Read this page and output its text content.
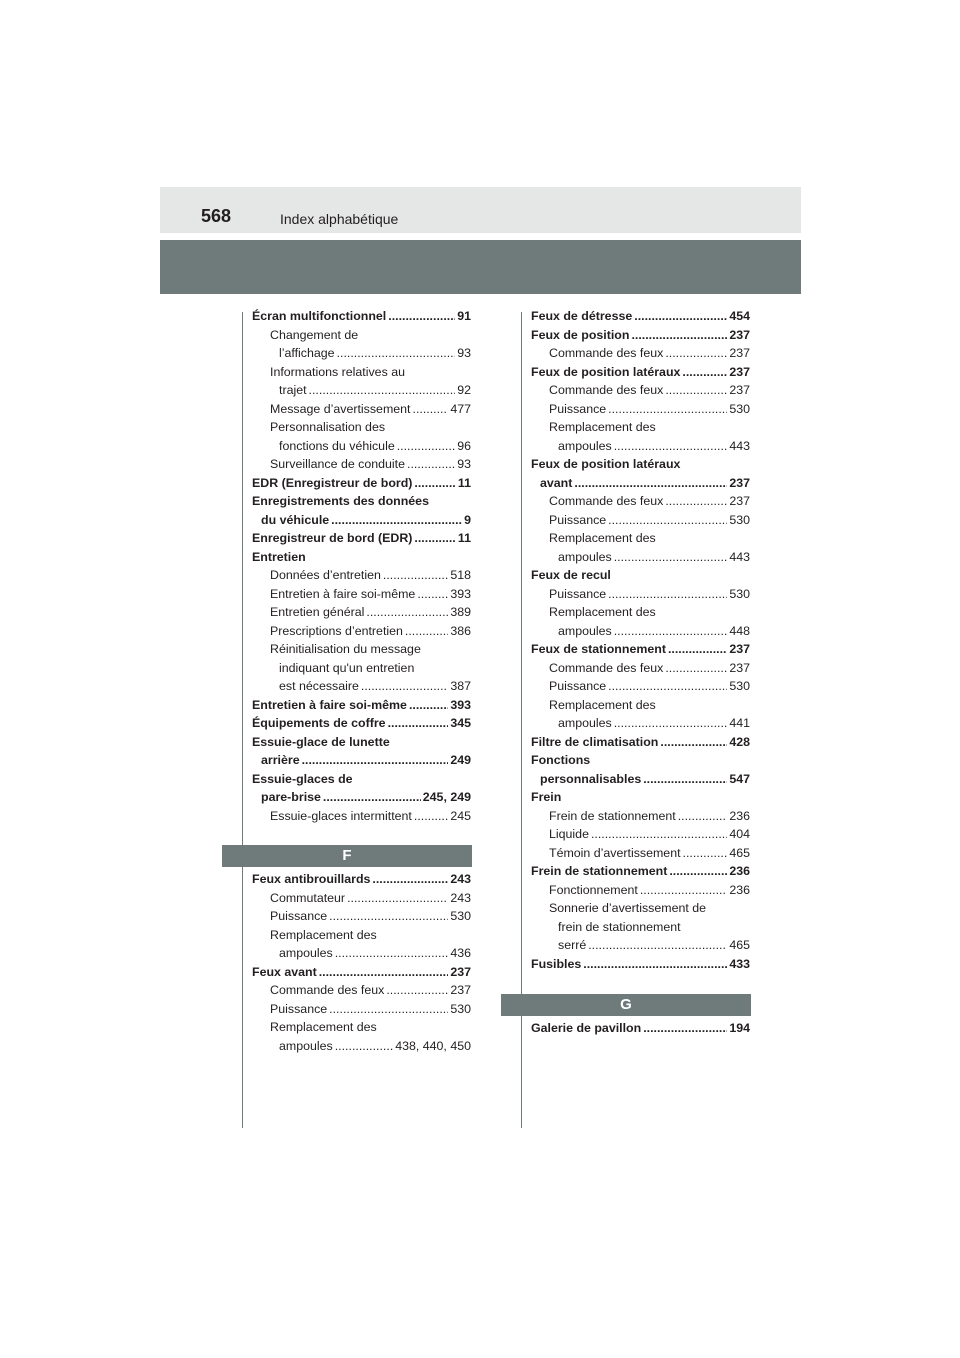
568	Index alphabétique
Écran multifonctionnel .....	91
Changement de
l’affichage .....	93
Informations relatives au
trajet .....	92
Message d’avertissement .....	477
Personnalisation des
fonctions du véhicule .....	96
Surveillance de conduite .....	93
EDR (Enregistreur de bord) .....	11
Enregistrements des données
du véhicule .....	9
Enregistreur de bord (EDR) .....	11
Entretien
Données d’entretien .....	518
Entretien à faire soi-même .....	393
Entretien général .....	389
Prescriptions d’entretien .....	386
Réinitialisation du message
indiquant qu'un entretien
est nécessaire .....	387
Entretien à faire soi-même .....	393
Équipements de coffre .....	345
Essuie-glace de lunette
arrière .....	249
Essuie-glaces de
pare-brise .....	245, 249
Essuie-glaces intermittent .....	245
F
Feux antibrouillards .....	243
Commutateur .....	243
Puissance .....	530
Remplacement des
ampoules .....	436
Feux avant .....	237
Commande des feux .....	237
Puissance .....	530
Remplacement des
ampoules .....	438, 440, 450
Feux de détresse .....	454
Feux de position .....	237
Commande des feux .....	237
Feux de position latéraux .....	237
Commande des feux .....	237
Puissance .....	530
Remplacement des
ampoules .....	443
Feux de position latéraux
avant .....	237
Commande des feux .....	237
Puissance .....	530
Remplacement des
ampoules .....	443
Feux de recul
Puissance .....	530
Remplacement des
ampoules .....	448
Feux de stationnement .....	237
Commande des feux .....	237
Puissance .....	530
Remplacement des
ampoules .....	441
Filtre de climatisation .....	428
Fonctions
personnalisables .....	547
Frein
Frein de stationnement .....	236
Liquide .....	404
Témoin d’avertissement .....	465
Frein de stationnement .....	236
Fonctionnement .....	236
Sonnerie d’avertissement de
frein de stationnement
serré .....	465
Fusibles .....	433
G
Galerie de pavillon .....	194
